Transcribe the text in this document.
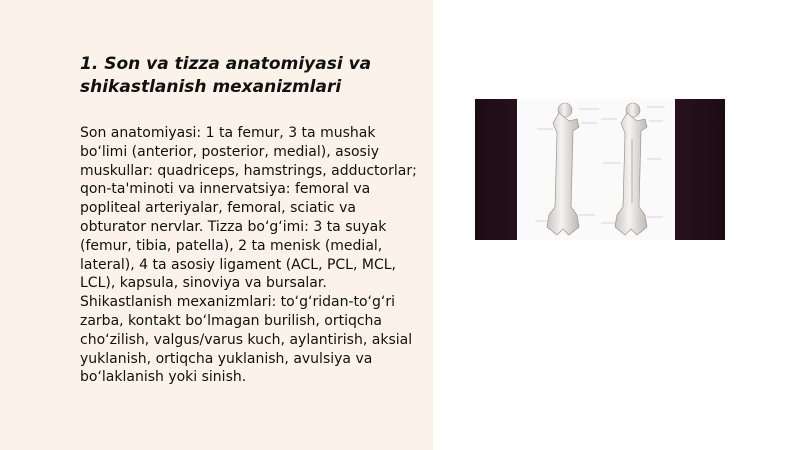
1. Son va tizza anatomiyasi va shikastlanish mexanizmlari

Son anatomiyasi: 1 ta femur, 3 ta mushak bo‘limi (anterior, posterior, medial), asosiy muskullar: quadriceps, hamstrings, adductorlar; qon-ta'minoti va innervatsiya: femoral va popliteal arteriyalar, femoral, sciatic va obturator nervlar. Tizza bo‘g‘imi: 3 ta suyak (femur, tibia, patella), 2 ta menisk (medial, lateral), 4 ta asosiy ligament (ACL, PCL, MCL, LCL), kapsula, sinoviya va bursalar. Shikastlanish mexanizmlari: to‘g‘ridan-to‘g‘ri zarba, kontakt bo‘lmagan burilish, ortiqcha cho‘zilish, valgus/varus kuch, aylantirish, aksial yuklanish, ortiqcha yuklanish, avulsiya va bo‘laklanish yoki sinish.
